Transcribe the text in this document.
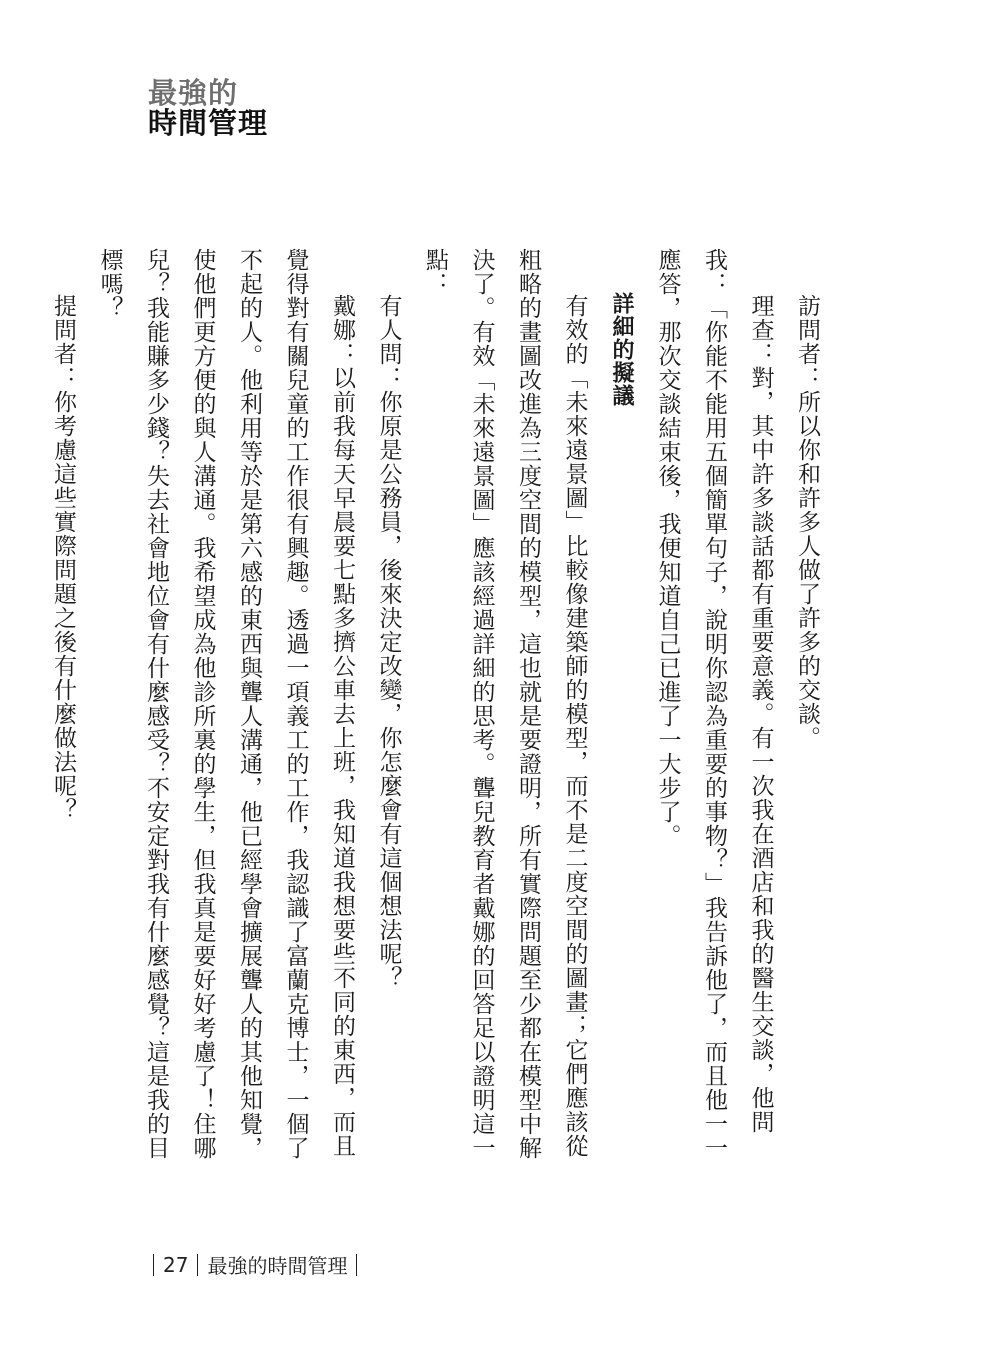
最強的
時間管理

訪問者：所以你和許多人做了許多的交談。

理查：對，其中許多談話都有重要意義。有一次我在酒店和我的醫生交談，他問我：「你能不能用五個簡單句子，說明你認為重要的事物？」我告訴他了，而且他一一應答，那次交談結束後，我便知道自己已進了一大步了。

詳細的擬議

有效的「未來遠景圖」比較像建築師的模型，而不是二度空間的圖畫；它們應該從粗略的畫圖改進為三度空間的模型，這也就是要證明，所有實際問題至少都在模型中解決了。有效「未來遠景圖」應該經過詳細的思考。聾兒教育者戴娜的回答足以證明這一點：

有人問：你原是公務員，後來決定改變，你怎麼會有這個想法呢？

戴娜：以前我每天早晨要七點多擠公車去上班，我知道我想要些不同的東西，而且覺得對有關兒童的工作很有興趣。透過一項義工的工作，我認識了富蘭克博士，一個了不起的人。他利用等於是第六感的東西與聾人溝通，他已經學會擴展聾人的其他知覺，使他們更方便的與人溝通。我希望成為他診所裏的學生，但我真是要好好考慮了！住哪兒？我能賺多少錢？失去社會地位會有什麼感受？不安定對我有什麼感覺？這是我的目標嗎？

提問者：你考慮這些實際問題之後有什麼做法呢？

27 最強的時間管理
